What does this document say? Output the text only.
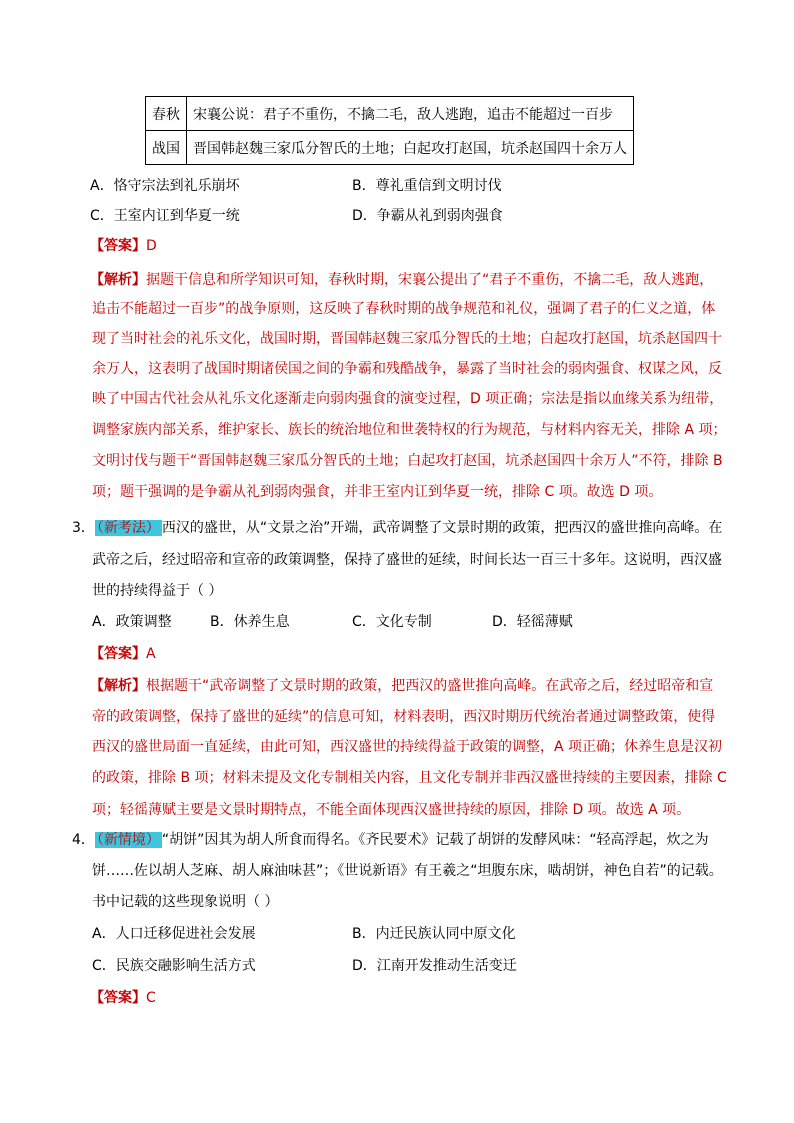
春秋	宋襄公说：君子不重伤，不擒二毛，敌人逃跑，追击不能超过一百步
战国	晋国韩赵魏三家瓜分智氏的土地；白起攻打赵国，坑杀赵国四十余万人
A．恪守宗法到礼乐崩坏	B．尊礼重信到文明讨伐
C．王室内讧到华夏一统	D．争霸从礼到弱肉强食
【答案】D
【解析】据题干信息和所学知识可知，春秋时期，宋襄公提出了“君子不重伤，不擒二毛，敌人逃跑，
追击不能超过一百步”的战争原则，这反映了春秋时期的战争规范和礼仪，强调了君子的仁义之道，体
现了当时社会的礼乐文化，战国时期，晋国韩赵魏三家瓜分智氏的土地；白起攻打赵国，坑杀赵国四十
余万人，这表明了战国时期诸侯国之间的争霸和残酷战争，暴露了当时社会的弱肉强食、权谋之风，反
映了中国古代社会从礼乐文化逐渐走向弱肉强食的演变过程，D 项正确；宗法是指以血缘关系为纽带，
调整家族内部关系，维护家长、族长的统治地位和世袭特权的行为规范，与材料内容无关，排除 A 项；
文明讨伐与题干“晋国韩赵魏三家瓜分智氏的土地；白起攻打赵国，坑杀赵国四十余万人”不符，排除 B
项；题干强调的是争霸从礼到弱肉强食，并非王室内讧到华夏一统，排除 C 项。故选 D 项。
3． （新考法） 西汉的盛世，从“文景之治”开端，武帝调整了文景时期的政策，把西汉的盛世推向高峰。在
武帝之后，经过昭帝和宣帝的政策调整，保持了盛世的延续，时间长达一百三十多年。这说明，西汉盛
世的持续得益于（ ）
A．政策调整	B．休养生息	C．文化专制	D．轻徭薄赋
【答案】A
【解析】根据题干“武帝调整了文景时期的政策，把西汉的盛世推向高峰。在武帝之后，经过昭帝和宣
帝的政策调整，保持了盛世的延续”的信息可知，材料表明，西汉时期历代统治者通过调整政策，使得
西汉的盛世局面一直延续，由此可知，西汉盛世的持续得益于政策的调整，A 项正确；休养生息是汉初
的政策，排除 B 项；材料未提及文化专制相关内容，且文化专制并非西汉盛世持续的主要因素，排除 C
项；轻徭薄赋主要是文景时期特点，不能全面体现西汉盛世持续的原因，排除 D 项。故选 A 项。
4． （新情境） “胡饼”因其为胡人所食而得名。《齐民要术》记载了胡饼的发酵风味：“轻高浮起，炊之为
饼……佐以胡人芝麻、胡人麻油味甚”；《世说新语》有王羲之“坦腹东床，啮胡饼，神色自若”的记载。
书中记载的这些现象说明（ ）
A．人口迁移促进社会发展	B．内迁民族认同中原文化
C．民族交融影响生活方式	D．江南开发推动生活变迁
【答案】C
